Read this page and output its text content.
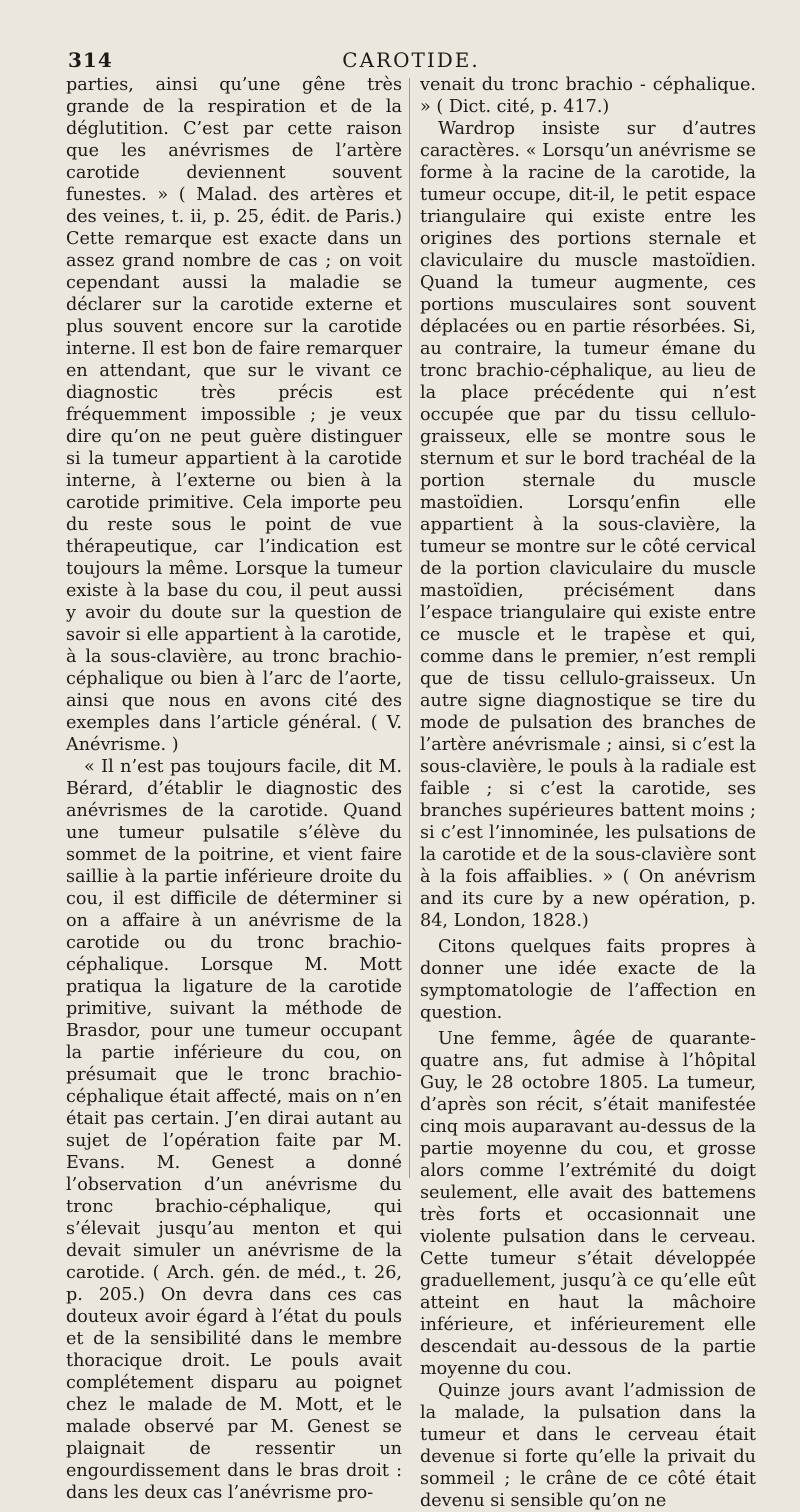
314	CAROTIDE.

parties, ainsi qu’une gêne très grande de la respiration et de la déglutition. C’est par cette raison que les anévrismes de l’artère carotide deviennent souvent funestes. » ( Malad. des artères et des veines, t. ii, p. 25, édit. de Paris.) Cette remarque est exacte dans un assez grand nombre de cas ; on voit cependant aussi la maladie se déclarer sur la carotide externe et plus souvent encore sur la carotide interne. Il est bon de faire remarquer en attendant, que sur le vivant ce diagnostic très précis est fréquemment impossible ; je veux dire qu’on ne peut guère distinguer si la tumeur appartient à la carotide interne, à l’externe ou bien à la carotide primitive. Cela importe peu du reste sous le point de vue thérapeutique, car l’indication est toujours la même. Lorsque la tumeur existe à la base du cou, il peut aussi y avoir du doute sur la question de savoir si elle appartient à la carotide, à la sous-clavière, au tronc brachio-céphalique ou bien à l’arc de l’aorte, ainsi que nous en avons cité des exemples dans l’article général. ( V. Anévrisme. )

« Il n’est pas toujours facile, dit M. Bérard, d’établir le diagnostic des anévrismes de la carotide. Quand une tumeur pulsatile s’élève du sommet de la poitrine, et vient faire saillie à la partie inférieure droite du cou, il est difficile de déterminer si on a affaire à un anévrisme de la carotide ou du tronc brachio-céphalique. Lorsque M. Mott pratiqua la ligature de la carotide primitive, suivant la méthode de Brasdor, pour une tumeur occupant la partie inférieure du cou, on présumait que le tronc brachio-céphalique était affecté, mais on n’en était pas certain. J’en dirai autant au sujet de l’opération faite par M. Evans. M. Genest a donné l’observation d’un anévrisme du tronc brachio-céphalique, qui s’élevait jusqu’au menton et qui devait simuler un anévrisme de la carotide. ( Arch. gén. de méd., t. 26, p. 205.) On devra dans ces cas douteux avoir égard à l’état du pouls et de la sensibilité dans le membre thoracique droit. Le pouls avait complétement disparu au poignet chez le malade de M. Mott, et le malade observé par M. Genest se plaignait de ressentir un engourdissement dans le bras droit : dans les deux cas l’anévrisme pro-

venait du tronc brachio - céphalique. » ( Dict. cité, p. 417.)

Wardrop insiste sur d’autres caractères. « Lorsqu’un anévrisme se forme à la racine de la carotide, la tumeur occupe, dit-il, le petit espace triangulaire qui existe entre les origines des portions sternale et claviculaire du muscle mastoïdien. Quand la tumeur augmente, ces portions musculaires sont souvent déplacées ou en partie résorbées. Si, au contraire, la tumeur émane du tronc brachio-céphalique, au lieu de la place précédente qui n’est occupée que par du tissu cellulo-graisseux, elle se montre sous le sternum et sur le bord trachéal de la portion sternale du muscle mastoïdien. Lorsqu’enfin elle appartient à la sous-clavière, la tumeur se montre sur le côté cervical de la portion claviculaire du muscle mastoïdien, précisément dans l’espace triangulaire qui existe entre ce muscle et le trapèse et qui, comme dans le premier, n’est rempli que de tissu cellulo-graisseux. Un autre signe diagnostique se tire du mode de pulsation des branches de l’artère anévrismale ; ainsi, si c’est la sous-clavière, le pouls à la radiale est faible ; si c’est la carotide, ses branches supérieures battent moins ; si c’est l’innominée, les pulsations de la carotide et de la sous-clavière sont à la fois affaiblies. » ( On anévrism and its cure by a new opération, p. 84, London, 1828.)

Citons quelques faits propres à donner une idée exacte de la symptomatologie de l’affection en question.

Une femme, âgée de quarante-quatre ans, fut admise à l’hôpital Guy, le 28 octobre 1805. La tumeur, d’après son récit, s’était manifestée cinq mois auparavant au-dessus de la partie moyenne du cou, et grosse alors comme l’extrémité du doigt seulement, elle avait des battemens très forts et occasionnait une violente pulsation dans le cerveau. Cette tumeur s’était développée graduellement, jusqu’à ce qu’elle eût atteint en haut la mâchoire inférieure, et inférieurement elle descendait au-dessous de la partie moyenne du cou.

Quinze jours avant l’admission de la malade, la pulsation dans la tumeur et dans le cerveau était devenue si forte qu’elle la privait du sommeil ; le crâne de ce côté était devenu si sensible qu’on ne
